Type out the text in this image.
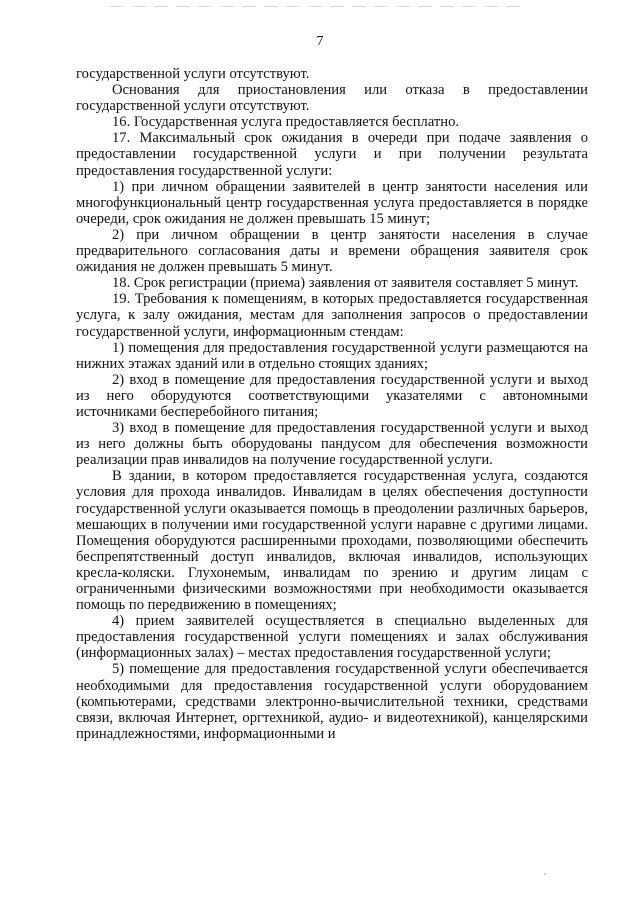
7

государственной услуги отсутствуют.

Основания для приостановления или отказа в предоставлении государственной услуги отсутствуют.

16. Государственная услуга предоставляется бесплатно.

17. Максимальный срок ожидания в очереди при подаче заявления о предоставлении государственной услуги и при получении результата предоставления государственной услуги:

1) при личном обращении заявителей в центр занятости населения или многофункциональный центр государственная услуга предоставляется в порядке очереди, срок ожидания не должен превышать 15 минут;

2) при личном обращении в центр занятости населения в случае предварительного согласования даты и времени обращения заявителя срок ожидания не должен превышать 5 минут.

18. Срок регистрации (приема) заявления от заявителя составляет 5 минут.

19. Требования к помещениям, в которых предоставляется государственная услуга, к залу ожидания, местам для заполнения запросов о предоставлении государственной услуги, информационным стендам:

1) помещения для предоставления государственной услуги размещаются на нижних этажах зданий или в отдельно стоящих зданиях;

2) вход в помещение для предоставления государственной услуги и выход из него оборудуются соответствующими указателями с автономными источниками бесперебойного питания;

3) вход в помещение для предоставления государственной услуги и выход из него должны быть оборудованы пандусом для обеспечения возможности реализации прав инвалидов на получение государственной услуги.

В здании, в котором предоставляется государственная услуга, создаются условия для прохода инвалидов. Инвалидам в целях обеспечения доступности государственной услуги оказывается помощь в преодолении различных барьеров, мешающих в получении ими государственной услуги наравне с другими лицами. Помещения оборудуются расширенными проходами, позволяющими обеспечить беспрепятственный доступ инвалидов, включая инвалидов, использующих кресла-коляски. Глухонемым, инвалидам по зрению и другим лицам с ограниченными физическими возможностями при необходимости оказывается помощь по передвижению в помещениях;

4) прием заявителей осуществляется в специально выделенных для предоставления государственной услуги помещениях и залах обслуживания (информационных залах) – местах предоставления государственной услуги;

5) помещение для предоставления государственной услуги обеспечивается необходимыми для предоставления государственной услуги оборудованием (компьютерами, средствами электронно-вычислительной техники, средствами связи, включая Интернет, оргтехникой, аудио- и видеотехникой), канцелярскими принадлежностями, информационными и
